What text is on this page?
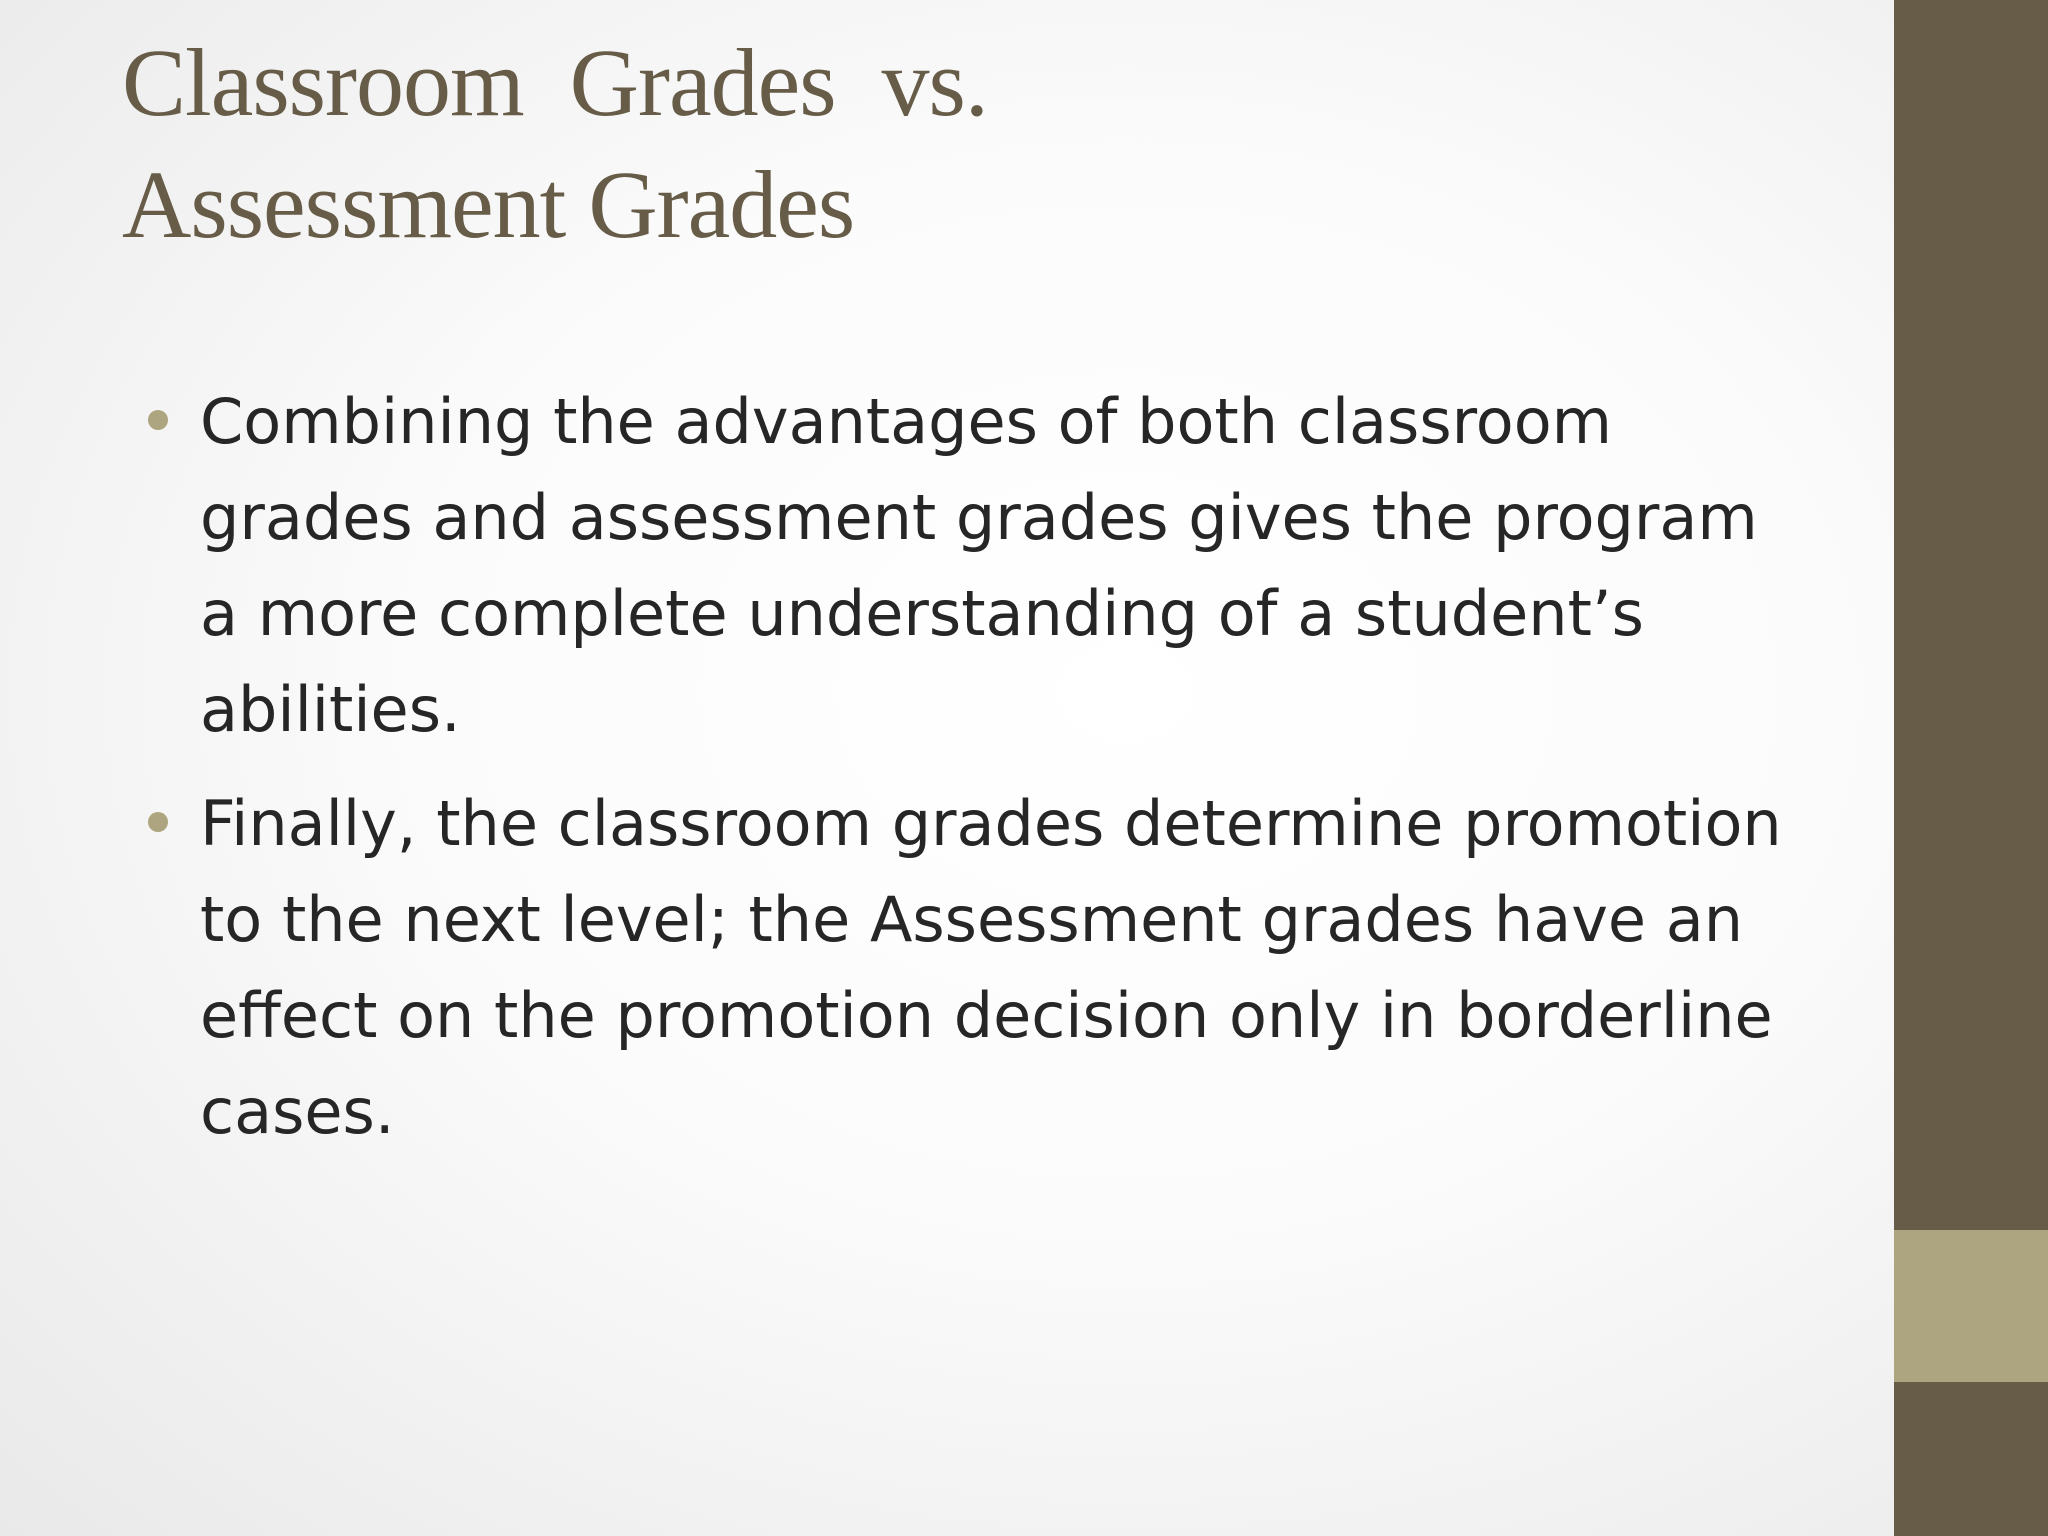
Classroom  Grades  vs.
Assessment Grades
Combining the advantages of both classroom grades and assessment grades gives the program a more complete understanding of a student’s abilities.
Finally, the classroom grades determine promotion to the next level; the Assessment grades have an effect on the promotion decision only in borderline cases.
